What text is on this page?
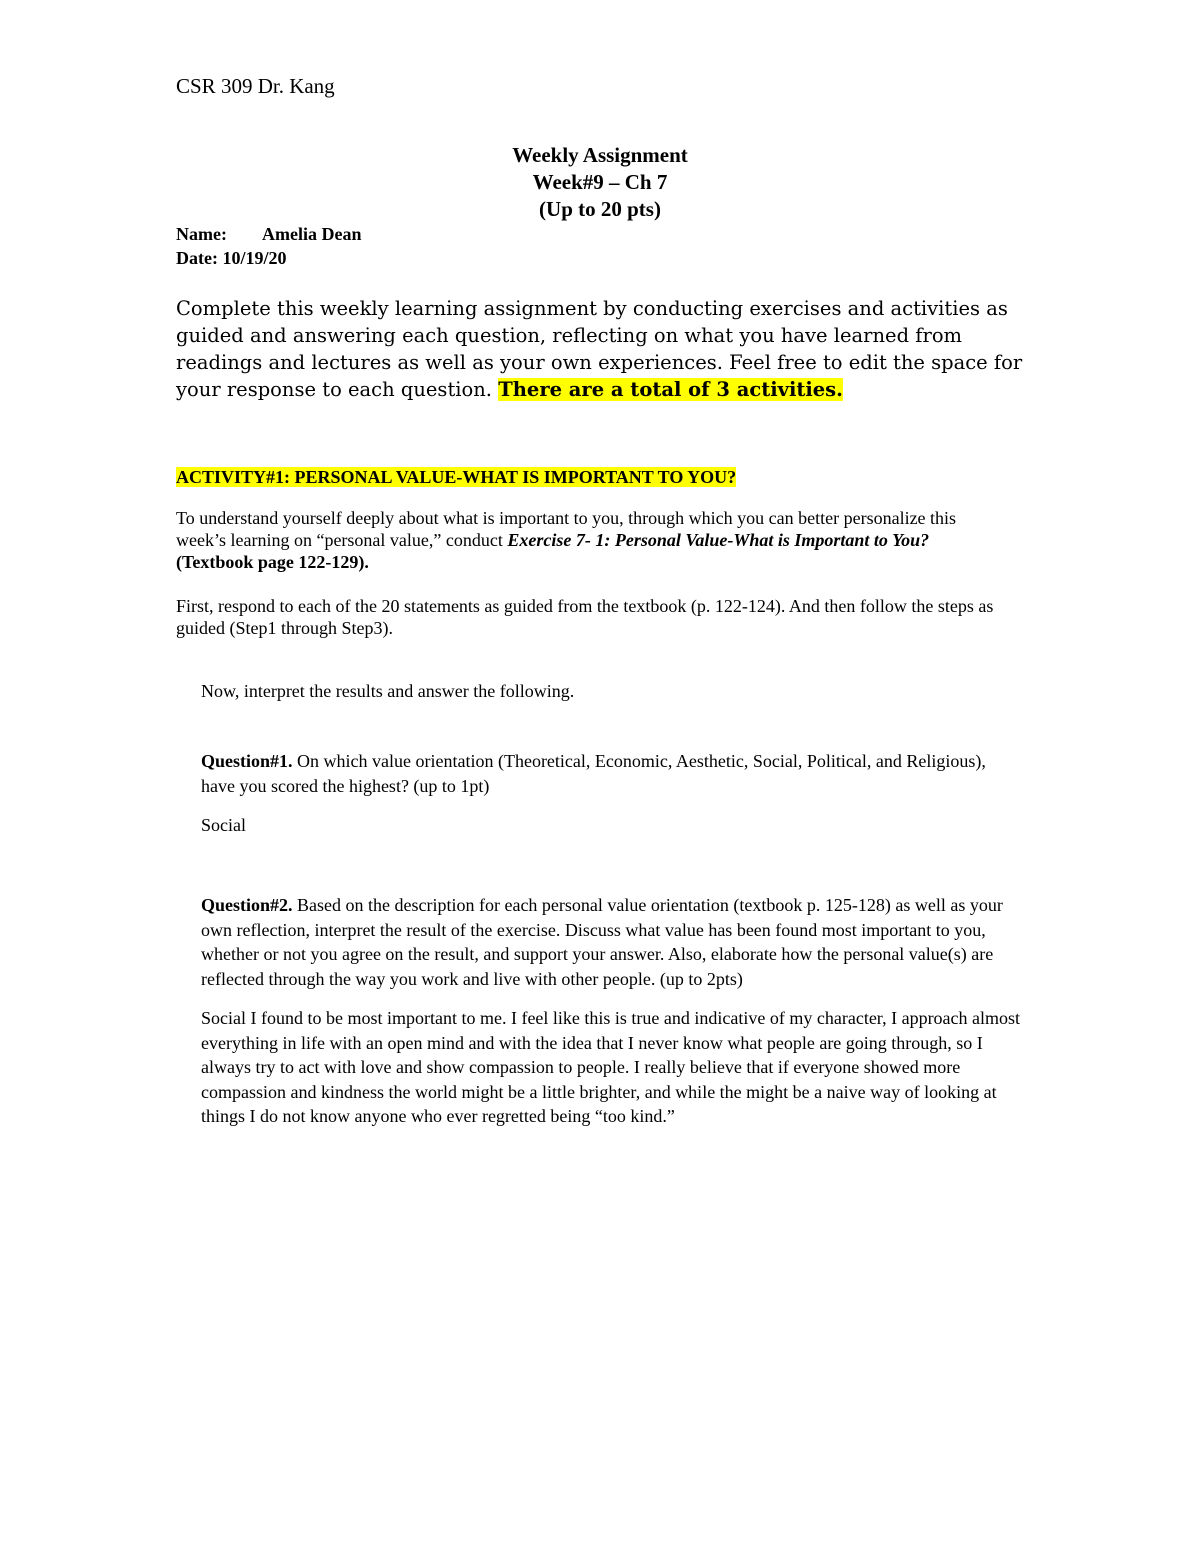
CSR 309 Dr. Kang
Weekly Assignment
Week#9 – Ch 7
(Up to 20 pts)
Name: Amelia Dean
Date: 10/19/20
Complete this weekly learning assignment by conducting exercises and activities as guided and answering each question, reflecting on what you have learned from readings and lectures as well as your own experiences. Feel free to edit the space for your response to each question. There are a total of 3 activities.
ACTIVITY#1: PERSONAL VALUE-WHAT IS IMPORTANT TO YOU?
To understand yourself deeply about what is important to you, through which you can better personalize this week’s learning on “personal value,” conduct Exercise 7- 1: Personal Value-What is Important to You? (Textbook page 122-129).
First, respond to each of the 20 statements as guided from the textbook (p. 122-124). And then follow the steps as guided (Step1 through Step3).
Now, interpret the results and answer the following.
Question#1. On which value orientation (Theoretical, Economic, Aesthetic, Social, Political, and Religious), have you scored the highest? (up to 1pt)
Social
Question#2. Based on the description for each personal value orientation (textbook p. 125-128) as well as your own reflection, interpret the result of the exercise. Discuss what value has been found most important to you, whether or not you agree on the result, and support your answer. Also, elaborate how the personal value(s) are reflected through the way you work and live with other people. (up to 2pts)
Social I found to be most important to me. I feel like this is true and indicative of my character, I approach almost everything in life with an open mind and with the idea that I never know what people are going through, so I always try to act with love and show compassion to people. I really believe that if everyone showed more compassion and kindness the world might be a little brighter, and while the might be a naive way of looking at things I do not know anyone who ever regretted being “too kind.”
